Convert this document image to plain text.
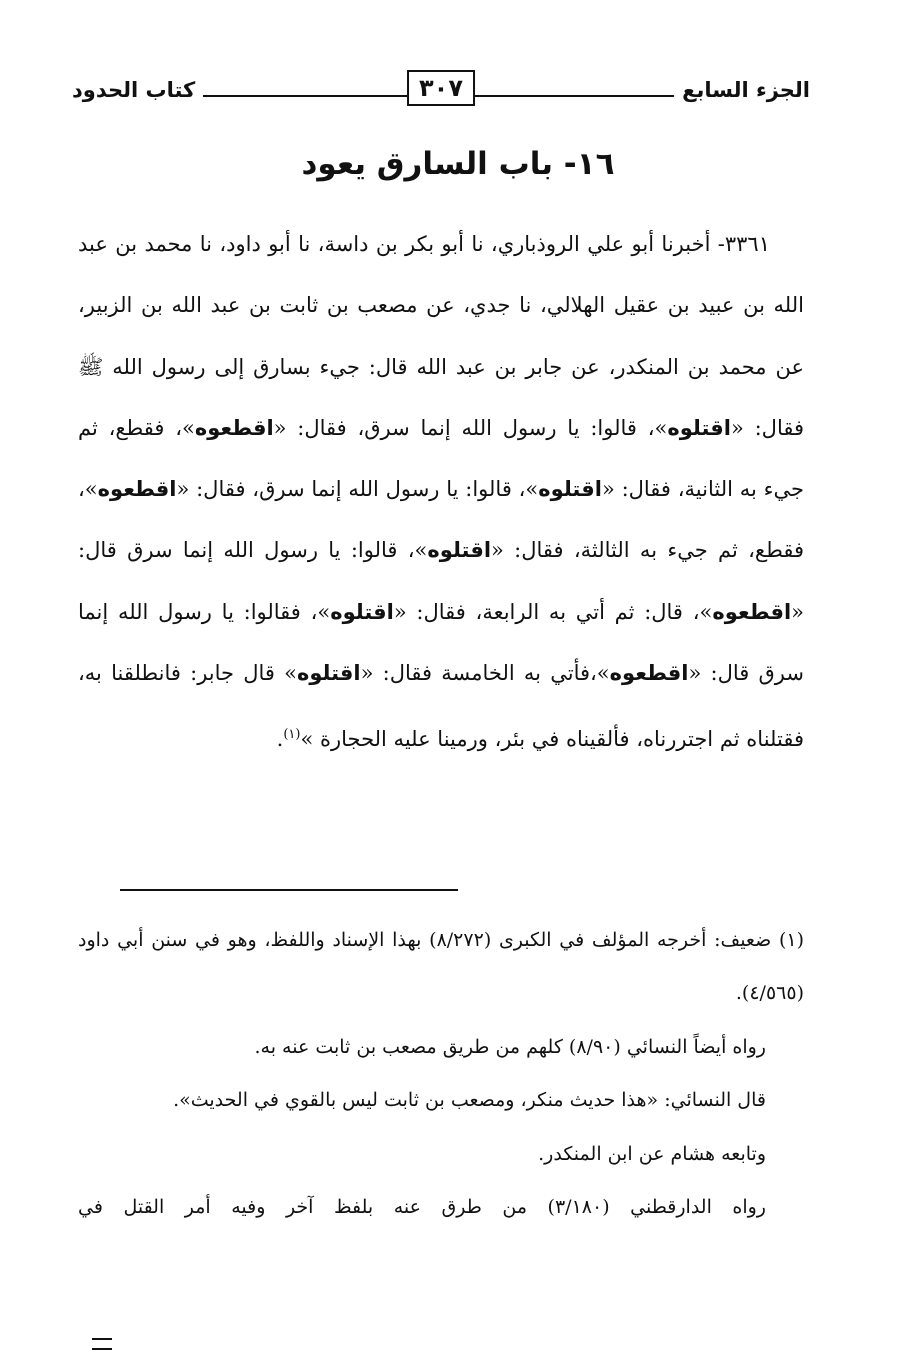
الجزء السابع
٣٠٧
كتاب الحدود
١٦- باب السارق يعود

٣٣٦١- أخبرنا أبو علي الروذباري، نا أبو بكر بن داسة، نا أبو داود، نا محمد بن عبد الله بن عبيد بن عقيل الهلالي، نا جدي، عن مصعب بن ثابت بن عبد الله بن الزبير، عن محمد بن المنكدر، عن جابر بن عبد الله قال: جيء بسارق إلى رسول الله ﷺ فقال: «اقتلوه»، قالوا: يا رسول الله إنما سرق، فقال: «اقطعوه»، فقطع، ثم جيء به الثانية، فقال: «اقتلوه»، قالوا: يا رسول الله إنما سرق، فقال: «اقطعوه»، فقطع، ثم جيء به الثالثة، فقال: «اقتلوه»، قالوا: يا رسول الله إنما سرق قال: «اقطعوه»، قال: ثم أتي به الرابعة، فقال: «اقتلوه»، فقالوا: يا رسول الله إنما سرق قال: «اقطعوه»،فأتي به الخامسة فقال: «اقتلوه» قال جابر: فانطلقنا به، فقتلناه ثم اجتررناه، فألقيناه في بئر، ورمينا عليه الحجارة »$^{(١)}$.

(١) ضعيف: أخرجه المؤلف في الكبرى (٨/٢٧٢) بهذا الإسناد واللفظ، وهو في سنن أبي داود (٤/٥٦٥).

رواه أيضاً النسائي (٨/٩٠) كلهم من طريق مصعب بن ثابت عنه به.

قال النسائي: «هذا حديث منكر، ومصعب بن ثابت ليس بالقوي في الحديث».

وتابعه هشام عن ابن المنكدر.

رواه الدارقطني (٣/١٨٠) من طرق عنه بلفظ آخر وفيه أمر القتل في
